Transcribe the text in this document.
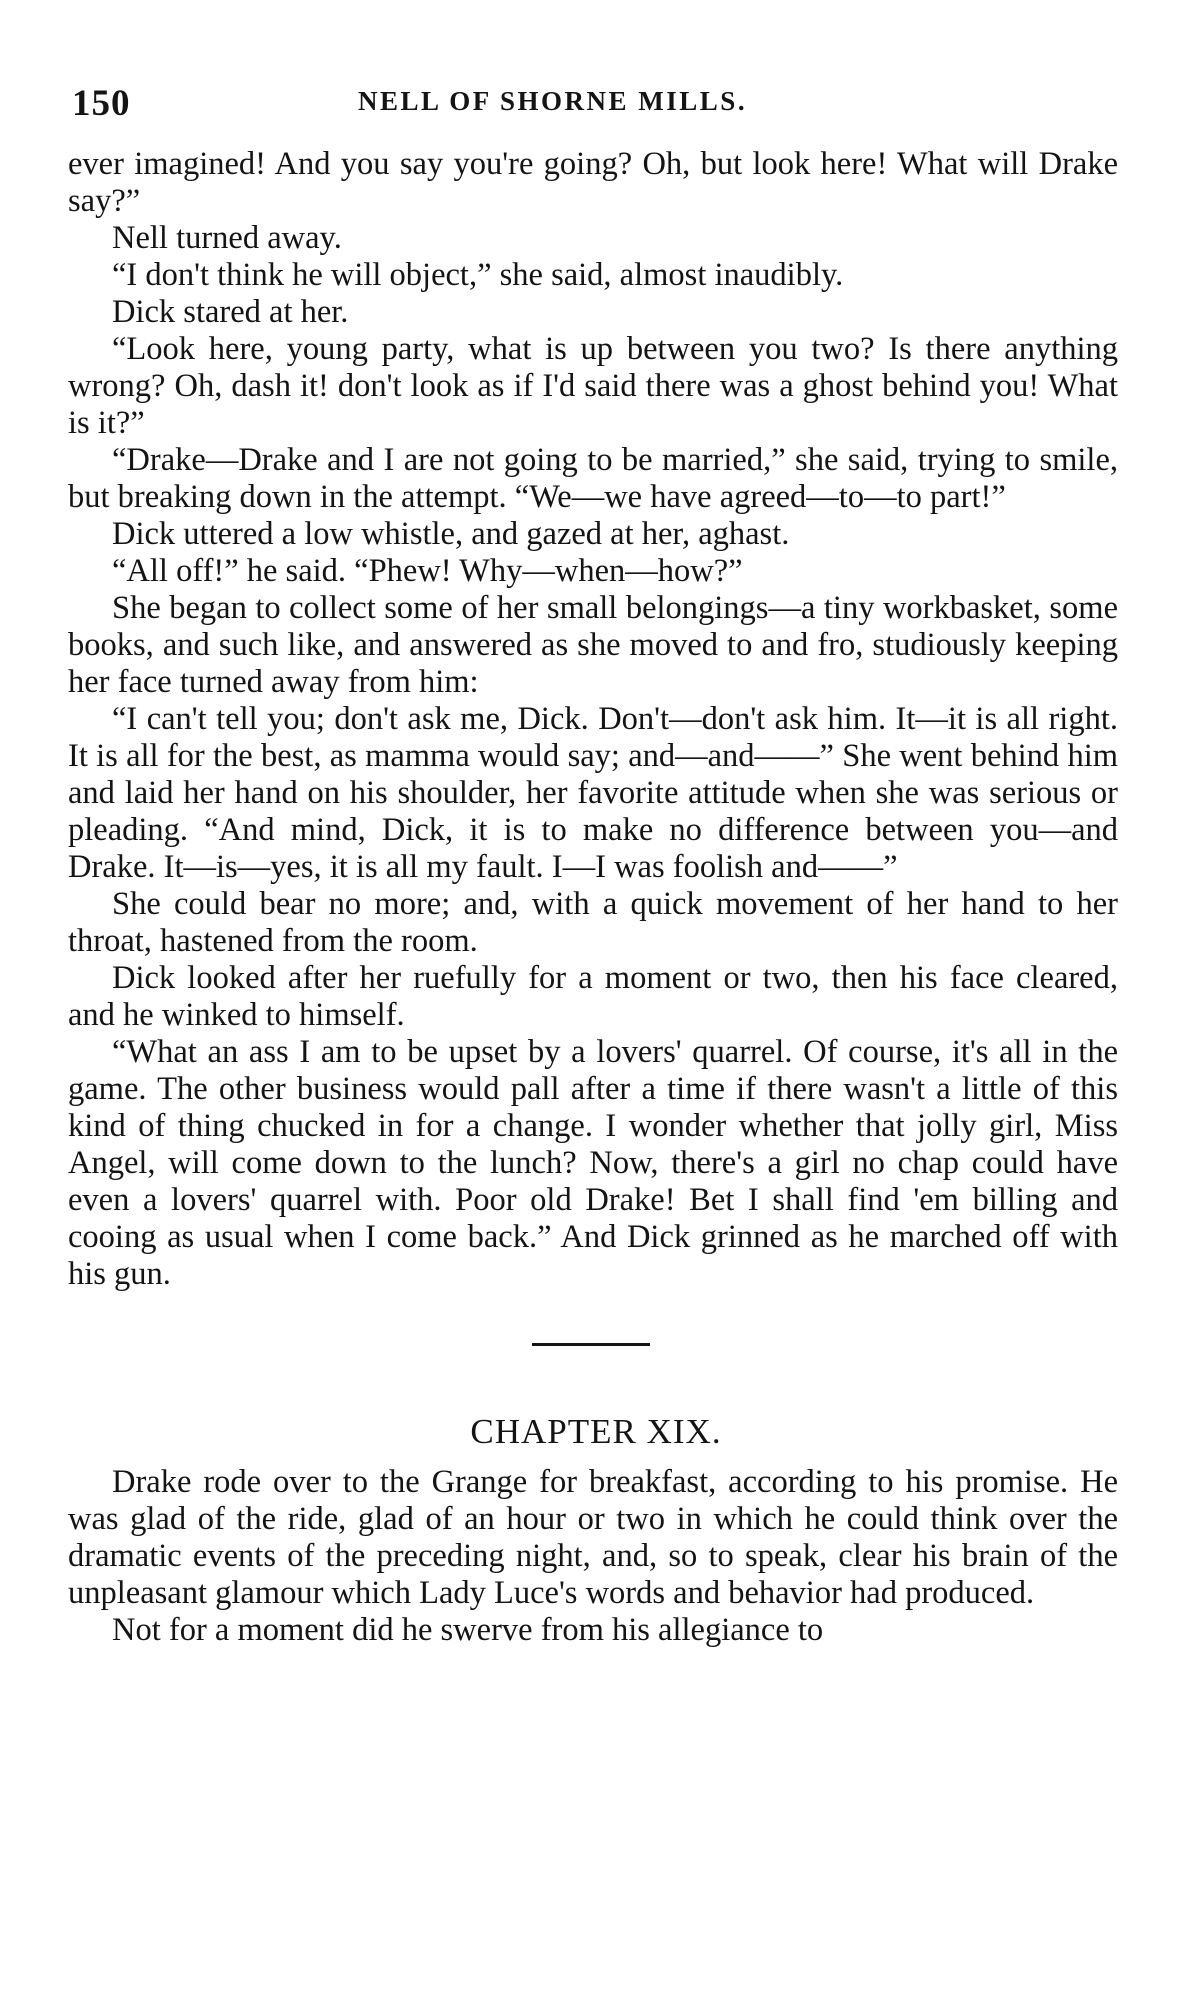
150	NELL OF SHORNE MILLS.

ever imagined! And you say you're going? Oh, but look here! What will Drake say?”

Nell turned away.

“I don't think he will object,” she said, almost inaudibly.

Dick stared at her.

“Look here, young party, what is up between you two? Is there anything wrong? Oh, dash it! don't look as if I'd said there was a ghost behind you! What is it?”

“Drake—Drake and I are not going to be married,” she said, trying to smile, but breaking down in the attempt. “We—we have agreed—to—to part!”

Dick uttered a low whistle, and gazed at her, aghast.

“All off!” he said. “Phew! Why—when—how?”

She began to collect some of her small belongings—a tiny workbasket, some books, and such like, and answered as she moved to and fro, studiously keeping her face turned away from him:

“I can't tell you; don't ask me, Dick. Don't—don't ask him. It—it is all right. It is all for the best, as mamma would say; and—and——” She went behind him and laid her hand on his shoulder, her favorite attitude when she was serious or pleading. “And mind, Dick, it is to make no difference between you—and Drake. It—is—yes, it is all my fault. I—I was foolish and——”

She could bear no more; and, with a quick movement of her hand to her throat, hastened from the room.

Dick looked after her ruefully for a moment or two, then his face cleared, and he winked to himself.

“What an ass I am to be upset by a lovers' quarrel. Of course, it's all in the game. The other business would pall after a time if there wasn't a little of this kind of thing chucked in for a change. I wonder whether that jolly girl, Miss Angel, will come down to the lunch? Now, there's a girl no chap could have even a lovers' quarrel with. Poor old Drake! Bet I shall find 'em billing and cooing as usual when I come back.” And Dick grinned as he marched off with his gun.

CHAPTER XIX.

Drake rode over to the Grange for breakfast, according to his promise. He was glad of the ride, glad of an hour or two in which he could think over the dramatic events of the preceding night, and, so to speak, clear his brain of the unpleasant glamour which Lady Luce's words and behavior had produced.

Not for a moment did he swerve from his allegiance to
